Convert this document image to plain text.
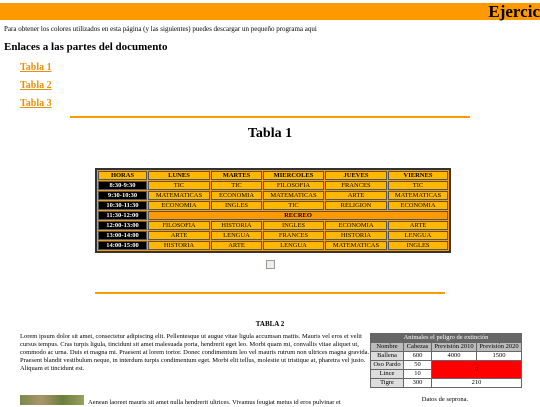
Ejercic
Para obtener los colores utilizados en esta página (y las siguientes) puedes descargar un pequeño programa aqui
Enlaces a las partes del documento
Tabla 1
Tabla 2
Tabla 3
Tabla 1
HORAS	LUNES	MARTES	MIERCOLES	JUEVES	VIERNES
8:30-9:30	TIC	TIC	FILOSOFIA	FRANCES	TIC
9:30-10:30	MATEMATICAS	ECONOMIA	MATEMATICAS	ARTE	MATEMATICAS
10:30-11:30	ECONOMIA	INGLES	TIC	RELIGION	ECONOMIA
11:30-12:00	RECREO				
12:00-13:00	FILOSOFIA	HISTORIA	INGLES	ECONOMIA	ARTE
13:00-14:00	ARTE	LENGUA	FRANCES	HISTORIA	LENGUA
14:00-15:00	HISTORIA	ARTE	LENGUA	MATEMATICAS	INGLES
TABLA 2
Lorem ipsum dolor sit amet, consectetur adipiscing elit. Pellentesque ut augue vitae ligula accumsan mattis. Mauris vel eros et velit cursus tempus. Cras turpis ligula, tincidunt sit amet malesuada porta, hendrerit eget leo. Morbi quam mi, convallis vitae aliquet ut, commodo ac urna. Duis et magna mi. Praesent at lorem tortor. Donec condimentum leo vel mauris rutrum non ultrices magna gravida. Praesent blandit vestibulum neque, in interdum turpis condimentum eget. Morbi elit tellus, molestie ut tristique at, pharetra vel justo. Aliquam et tincidunt est.
Animales el peligro de extinción			
Nombre	Cabezas	Previsión 2010	Previsión 2020
Ballena	600	4000	1500
Oso Pardo	50	0	
Lince	10		
Tigre	300	210	
Datos de seprona.
Aenean laoreet mauris sit amet nulla hendrerit ultrices. Vivamus feugiat metus id eros pulvinar et
